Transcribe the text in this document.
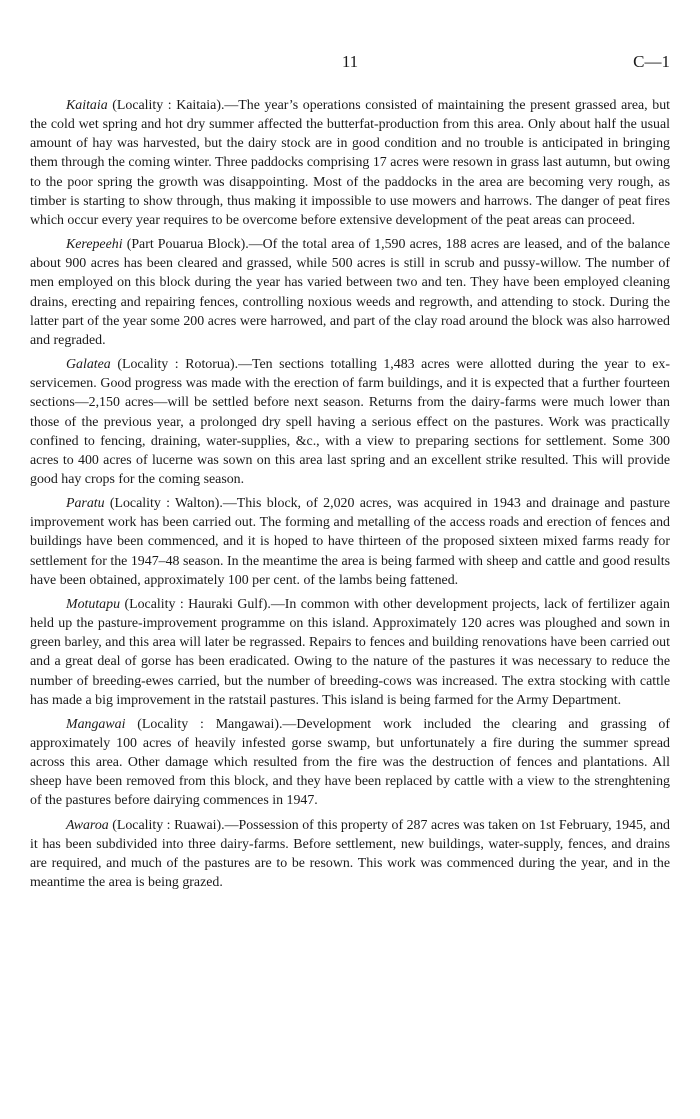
11	C—1

Kaitaia (Locality : Kaitaia).—The year’s operations consisted of maintaining the present grassed area, but the cold wet spring and hot dry summer affected the butterfat-production from this area. Only about half the usual amount of hay was harvested, but the dairy stock are in good condition and no trouble is anticipated in bringing them through the coming winter. Three paddocks comprising 17 acres were resown in grass last autumn, but owing to the poor spring the growth was disappointing. Most of the paddocks in the area are becoming very rough, as timber is starting to show through, thus making it impossible to use mowers and harrows. The danger of peat fires which occur every year requires to be overcome before extensive development of the peat areas can proceed.

Kerepeehi (Part Pouarua Block).—Of the total area of 1,590 acres, 188 acres are leased, and of the balance about 900 acres has been cleared and grassed, while 500 acres is still in scrub and pussy-willow. The number of men employed on this block during the year has varied between two and ten. They have been employed cleaning drains, erecting and repairing fences, controlling noxious weeds and regrowth, and attending to stock. During the latter part of the year some 200 acres were harrowed, and part of the clay road around the block was also harrowed and regraded.

Galatea (Locality : Rotorua).—Ten sections totalling 1,483 acres were allotted during the year to ex-servicemen. Good progress was made with the erection of farm buildings, and it is expected that a further fourteen sections—2,150 acres—will be settled before next season. Returns from the dairy-farms were much lower than those of the previous year, a prolonged dry spell having a serious effect on the pastures. Work was practically confined to fencing, draining, water-supplies, &c., with a view to preparing sections for settlement. Some 300 acres to 400 acres of lucerne was sown on this area last spring and an excellent strike resulted. This will provide good hay crops for the coming season.

Paratu (Locality : Walton).—This block, of 2,020 acres, was acquired in 1943 and drainage and pasture improvement work has been carried out. The forming and metalling of the access roads and erection of fences and buildings have been commenced, and it is hoped to have thirteen of the proposed sixteen mixed farms ready for settlement for the 1947–48 season. In the meantime the area is being farmed with sheep and cattle and good results have been obtained, approximately 100 per cent. of the lambs being fattened.

Motutapu (Locality : Hauraki Gulf).—In common with other development projects, lack of fertilizer again held up the pasture-improvement programme on this island. Approximately 120 acres was ploughed and sown in green barley, and this area will later be regrassed. Repairs to fences and building renovations have been carried out and a great deal of gorse has been eradicated. Owing to the nature of the pastures it was necessary to reduce the number of breeding-ewes carried, but the number of breeding-cows was increased. The extra stocking with cattle has made a big improvement in the ratstail pastures. This island is being farmed for the Army Department.

Mangawai (Locality : Mangawai).—Development work included the clearing and grassing of approximately 100 acres of heavily infested gorse swamp, but unfortunately a fire during the summer spread across this area. Other damage which resulted from the fire was the destruction of fences and plantations. All sheep have been removed from this block, and they have been replaced by cattle with a view to the strenghtening of the pastures before dairying commences in 1947.

Awaroa (Locality : Ruawai).—Possession of this property of 287 acres was taken on 1st February, 1945, and it has been subdivided into three dairy-farms. Before settlement, new buildings, water-supply, fences, and drains are required, and much of the pastures are to be resown. This work was commenced during the year, and in the meantime the area is being grazed.
